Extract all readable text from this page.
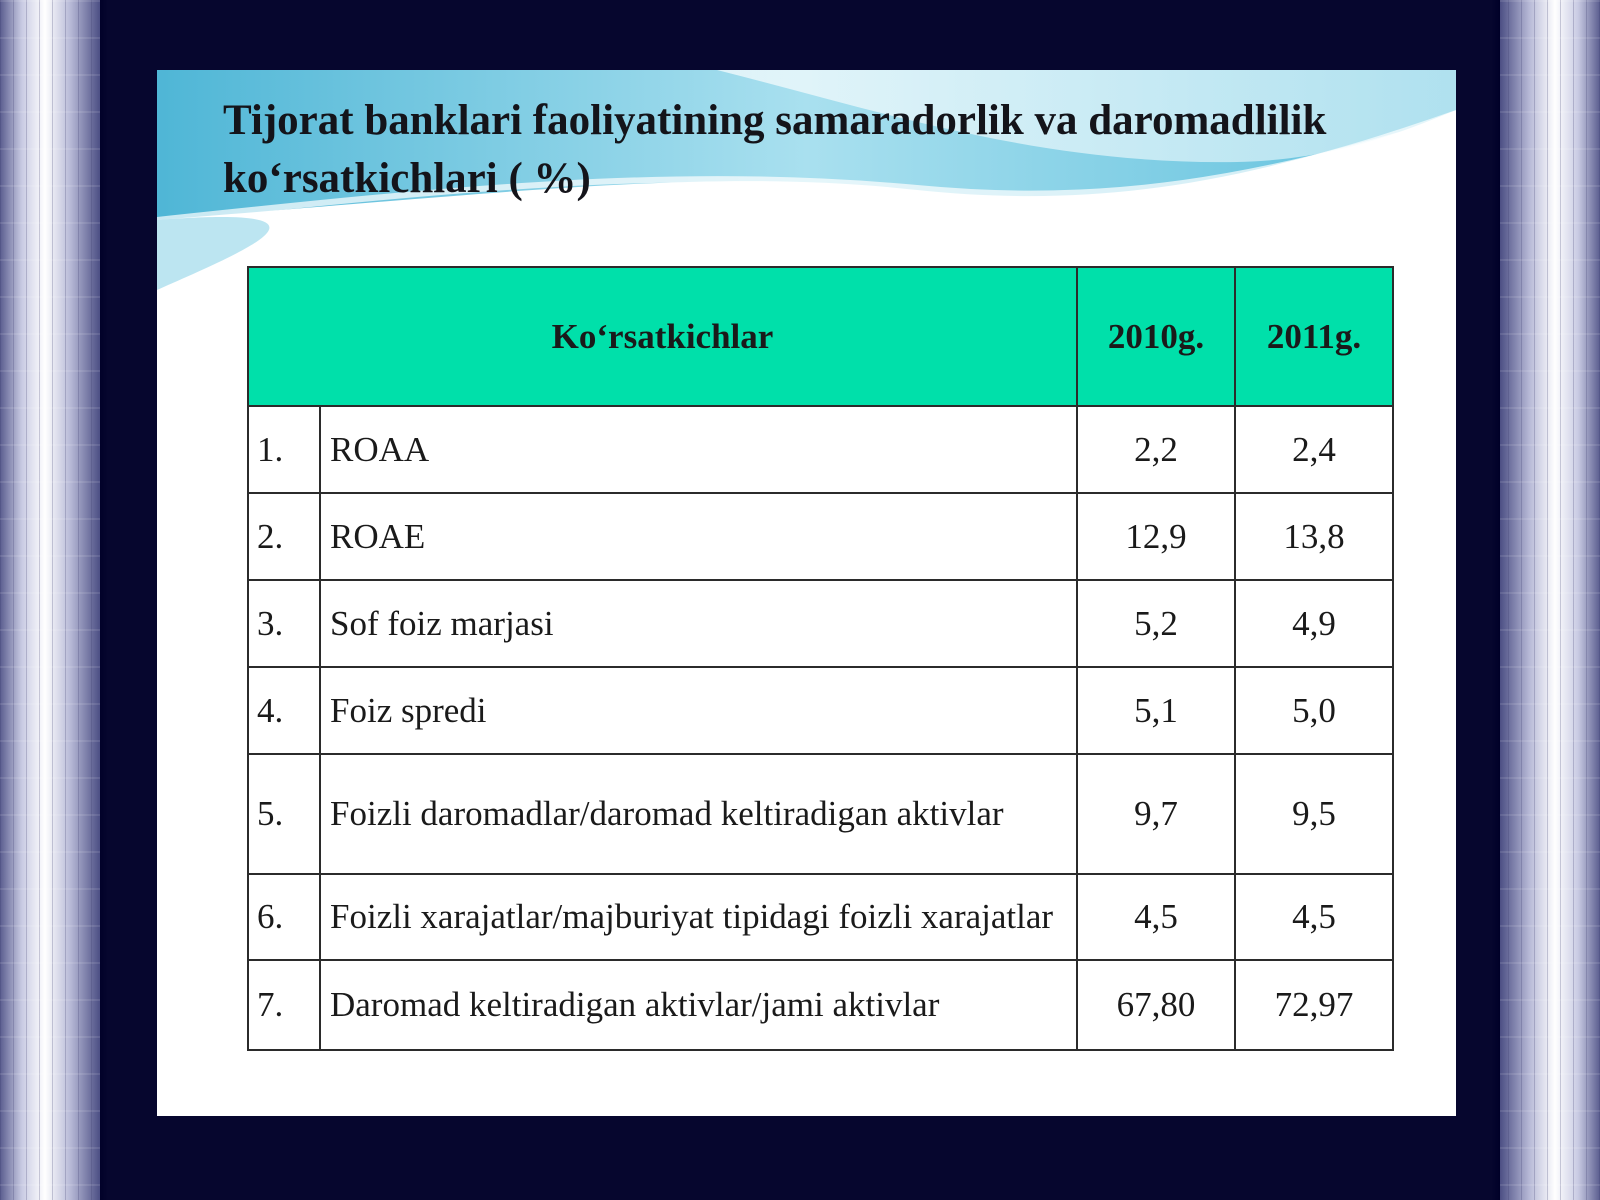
Tijorat banklari faoliyatining samaradorlik va daromadlilik
ko‘rsatkichlari ( %)
Ko‘rsatkichlar		2010g.	2011g.
1.	ROAA	2,2	2,4
2.	ROAE	12,9	13,8
3.	Sof foiz marjasi	5,2	4,9
4.	Foiz spredi	5,1	5,0
5.	Foizli daromadlar/daromad keltiradigan aktivlar	9,7	9,5
6.	Foizli xarajatlar/majburiyat tipidagi foizli xarajatlar	4,5	4,5
7.	Daromad keltiradigan aktivlar/jami aktivlar	67,80	72,97
